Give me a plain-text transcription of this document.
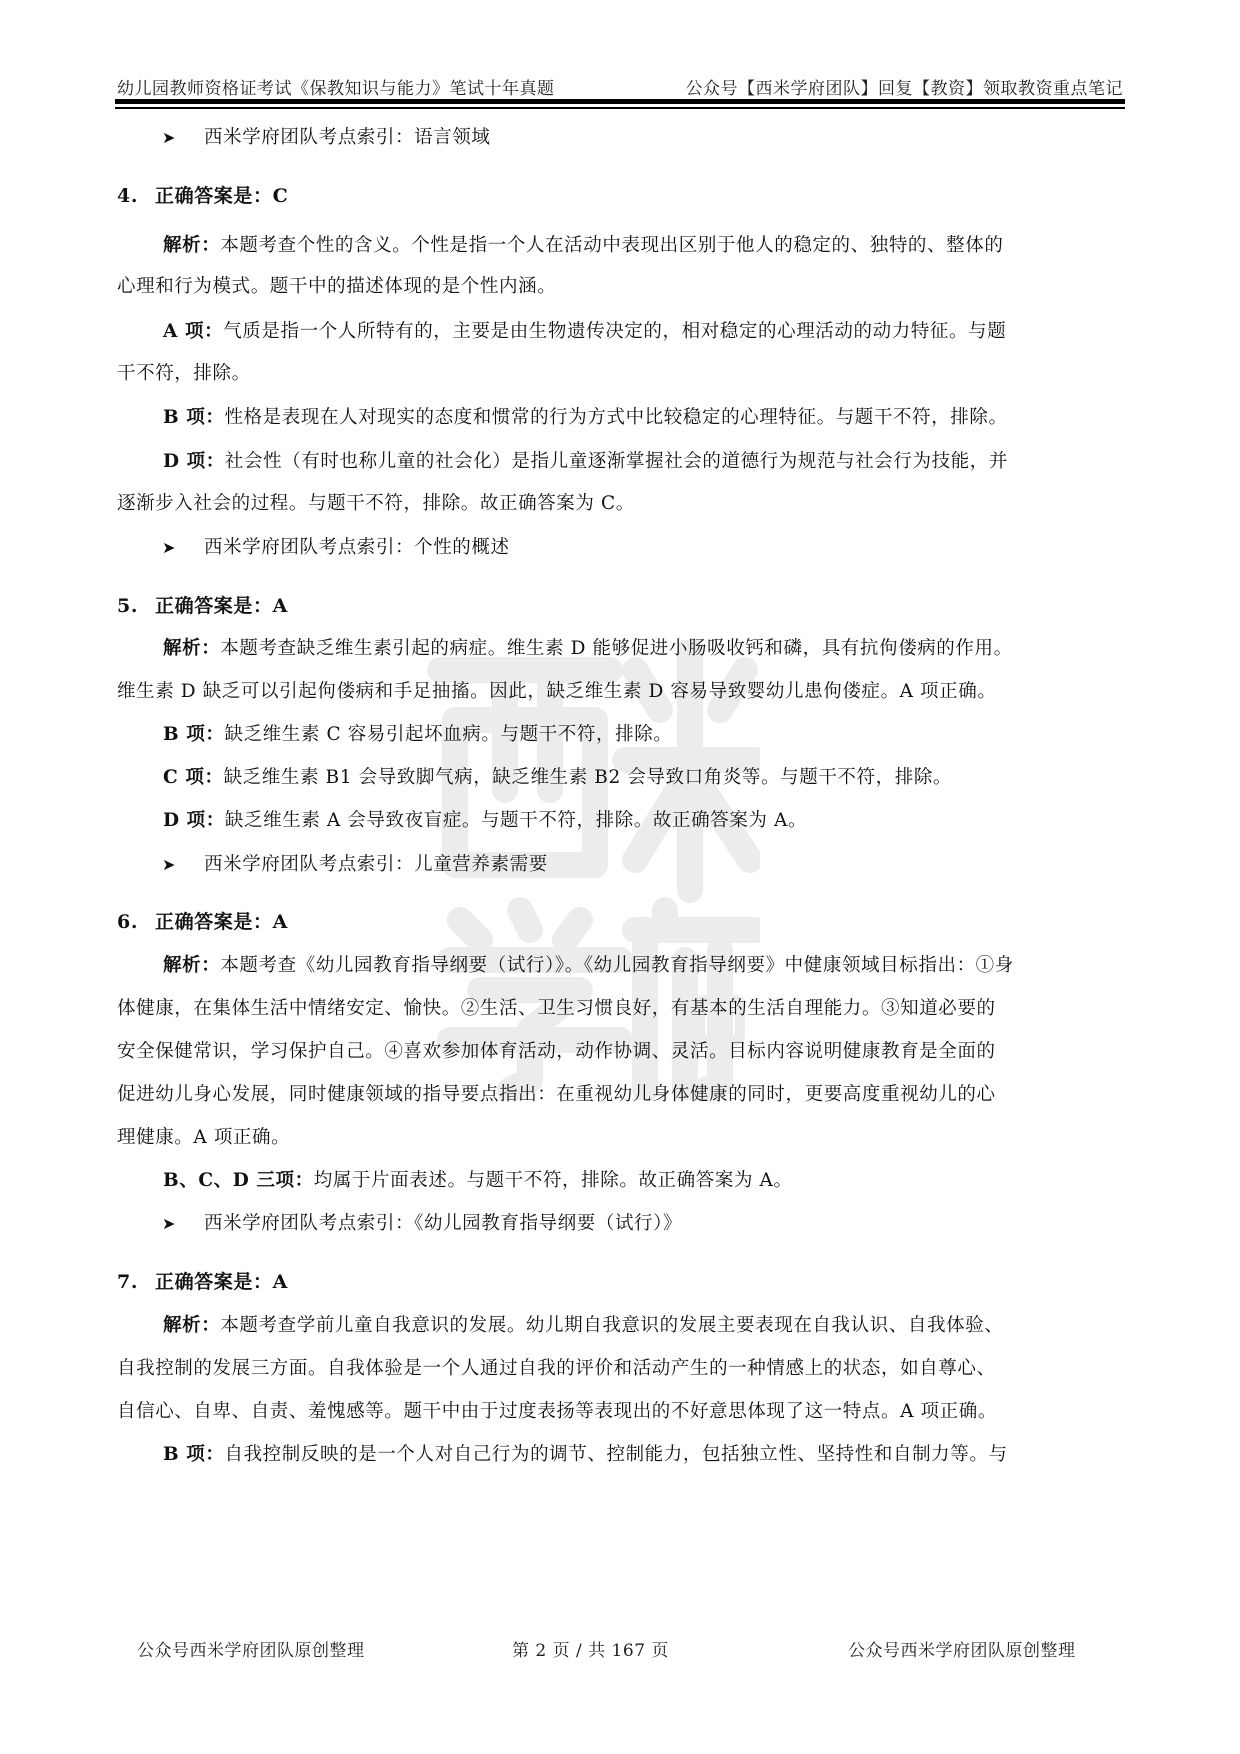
幼儿园教师资格证考试《保教知识与能力》笔试十年真题	公众号【西米学府团队】回复【教资】领取教资重点笔记
➤ 西米学府团队考点索引：语言领域
4. 正确答案是：C
解析：本题考查个性的含义。个性是指一个人在活动中表现出区别于他人的稳定的、独特的、整体的
心理和行为模式。题干中的描述体现的是个性内涵。
A 项：气质是指一个人所特有的，主要是由生物遗传决定的，相对稳定的心理活动的动力特征。与题
干不符，排除。
B 项：性格是表现在人对现实的态度和惯常的行为方式中比较稳定的心理特征。与题干不符，排除。
D 项：社会性（有时也称儿童的社会化）是指儿童逐渐掌握社会的道德行为规范与社会行为技能，并
逐渐步入社会的过程。与题干不符，排除。故正确答案为 C。
➤ 西米学府团队考点索引：个性的概述
5. 正确答案是：A
解析：本题考查缺乏维生素引起的病症。维生素 D 能够促进小肠吸收钙和磷，具有抗佝偻病的作用。
维生素 D 缺乏可以引起佝偻病和手足抽搐。因此，缺乏维生素 D 容易导致婴幼儿患佝偻症。A 项正确。
B 项：缺乏维生素 C 容易引起坏血病。与题干不符，排除。
C 项：缺乏维生素 B1 会导致脚气病，缺乏维生素 B2 会导致口角炎等。与题干不符，排除。
D 项：缺乏维生素 A 会导致夜盲症。与题干不符，排除。故正确答案为 A。
➤ 西米学府团队考点索引：儿童营养素需要
6. 正确答案是：A
解析：本题考查《幼儿园教育指导纲要（试行）》。《幼儿园教育指导纲要》中健康领域目标指出：①身
体健康，在集体生活中情绪安定、愉快。②生活、卫生习惯良好，有基本的生活自理能力。③知道必要的
安全保健常识，学习保护自己。④喜欢参加体育活动，动作协调、灵活。目标内容说明健康教育是全面的
促进幼儿身心发展，同时健康领域的指导要点指出：在重视幼儿身体健康的同时，更要高度重视幼儿的心
理健康。A 项正确。
B、C、D 三项：均属于片面表述。与题干不符，排除。故正确答案为 A。
➤ 西米学府团队考点索引：《幼儿园教育指导纲要（试行）》
7. 正确答案是：A
解析：本题考查学前儿童自我意识的发展。幼儿期自我意识的发展主要表现在自我认识、自我体验、
自我控制的发展三方面。自我体验是一个人通过自我的评价和活动产生的一种情感上的状态，如自尊心、
自信心、自卑、自责、羞愧感等。题干中由于过度表扬等表现出的不好意思体现了这一特点。A 项正确。
B 项：自我控制反映的是一个人对自己行为的调节、控制能力，包括独立性、坚持性和自制力等。与
公众号西米学府团队原创整理	第 2 页 / 共 167 页	公众号西米学府团队原创整理
